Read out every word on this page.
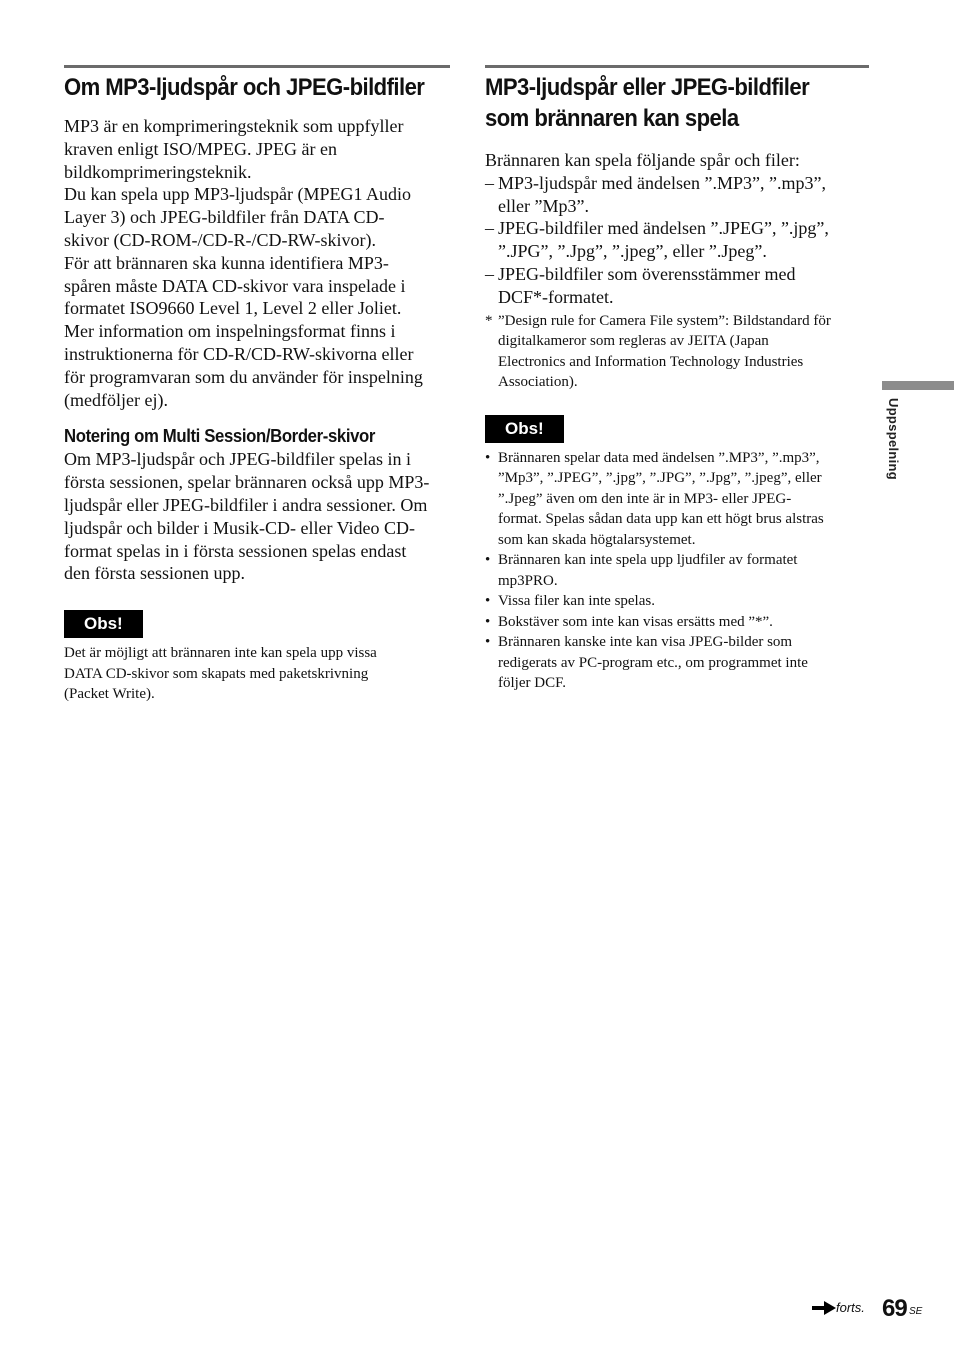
Om MP3-ljudspår och JPEG-bildfiler

MP3 är en komprimeringsteknik som uppfyller
kraven enligt ISO/MPEG. JPEG är en
bildkomprimeringsteknik.
Du kan spela upp MP3-ljudspår (MPEG1 Audio
Layer 3) och JPEG-bildfiler från DATA CD-
skivor (CD-ROM-/CD-R-/CD-RW-skivor).
För att brännaren ska kunna identifiera MP3-
spåren måste DATA CD-skivor vara inspelade i
formatet ISO9660 Level 1, Level 2 eller Joliet.
Mer information om inspelningsformat finns i
instruktionerna för CD-R/CD-RW-skivorna eller
för programvaran som du använder för inspelning
(medföljer ej).

Notering om Multi Session/Border-skivor

Om MP3-ljudspår och JPEG-bildfiler spelas in i
första sessionen, spelar brännaren också upp MP3-
ljudspår eller JPEG-bildfiler i andra sessioner. Om
ljudspår och bilder i Musik-CD- eller Video CD-
format spelas in i första sessionen spelas endast
den första sessionen upp.

Obs!

Det är möjligt att brännaren inte kan spela upp vissa
DATA CD-skivor som skapats med paketskrivning
(Packet Write).

MP3-ljudspår eller JPEG-bildfiler
som brännaren kan spela

Brännaren kan spela följande spår och filer:

– MP3-ljudspår med ändelsen ”.MP3”, ”.mp3”,
eller ”Mp3”.
– JPEG-bildfiler med ändelsen ”.JPEG”, ”.jpg”,
”.JPG”, ”.Jpg”, ”.jpeg”, eller ”.Jpeg”.
– JPEG-bildfiler som överensstämmer med
DCF*-formatet.
* ”Design rule for Camera File system”: Bildstandard för
digitalkameror som regleras av JEITA (Japan
Electronics and Information Technology Industries
Association).
Obs!
• Brännaren spelar data med ändelsen ”.MP3”, ”.mp3”,
”Mp3”, ”.JPEG”, ”.jpg”, ”.JPG”, ”.Jpg”, ”.jpeg”, eller
”.Jpeg” även om den inte är in MP3- eller JPEG-
format. Spelas sådan data upp kan ett högt brus alstras
som kan skada högtalarsystemet.
• Brännaren kan inte spela upp ljudfiler av formatet
mp3PRO.
• Vissa filer kan inte spelas.
• Bokstäver som inte kan visas ersätts med ”*”.
• Brännaren kanske inte kan visa JPEG-bilder som
redigerats av PC-program etc., om programmet inte
följer DCF.
Uppspelning
forts. 69 SE
